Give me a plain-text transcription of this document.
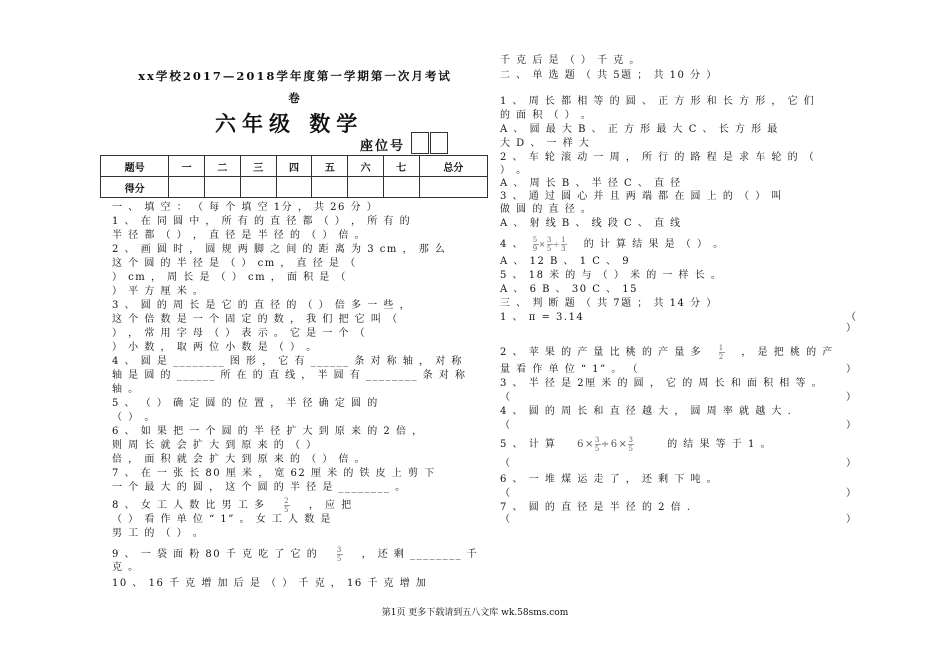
xx学校2017—2018学年度第一学期第一次月考试
卷
六年级 数学
座位号
题号	一	二	三	四	五	六	七	总分
得分								
一 、 填 空 ： （ 每 个 填 空 1分 ， 共 26 分 ）
1 、 在 同 圆 中 ， 所 有 的 直 径 都 （ ） ， 所 有 的
半 径 都 （ ） ， 直 径 是 半 径 的 （ ） 倍 。
2 、 画 圆 时 ， 圆 规 两 脚 之 间 的 距 离 为 3 cm ， 那 么
这 个 圆 的 半 径 是 （ ） cm ， 直 径 是 （
） cm ， 周 长 是 （ ） cm ， 面 积 是 （
） 平 方 厘 米 。
3 、 圆 的 周 长 是 它 的 直 径 的 （ ） 倍 多 一 些 ，
这 个 倍 数 是 一 个 固 定 的 数 ， 我 们 把 它 叫 （
） ， 常 用 字 母 （ ） 表 示 。 它 是 一 个 （
） 小 数 ， 取 两 位 小 数 是 （ ） 。
4 、 圆 是 ________ 图 形 ， 它 有 ______ 条 对 称 轴 ， 对 称
轴 是 圆 的 ______ 所 在 的 直 线 ， 半 圆 有 ________ 条 对 称
轴 。
5 、 （ ） 确 定 圆 的 位 置 ， 半 径 确 定 圆 的
（ ） 。
6 、 如 果 把 一 个 圆 的 半 径 扩 大 到 原 来 的 2 倍 ，
则 周 长 就 会 扩 大 到 原 来 的 （ ）
倍 ， 面 积 就 会 扩 大 到 原 来 的 （ ） 倍 。
7 、 在 一 张 长 80 厘 米 ， 宽 62 厘 米 的 铁 皮 上 剪 下
一 个 最 大 的 圆 ， 这 个 圆 的 半 径 是 ________ 。
8 、 女 工 人 数 比 男 工 多	$\frac{2}{5}$ ， 应 把
（ ） 看 作 单 位 “ 1” 。 女 工 人 数 是
男 工 的 （ ） 。
9 、 一 袋 面 粉 80 千 克 吃 了 它 的	$\frac{3}{5}$ ， 还 剩 ________ 千
克 。
10 、 16 千 克 增 加 后 是 （ ） 千 克 ， 16 千 克 增 加
千 克 后 是 （ ） 千 克 。
二 、 单 选 题 （ 共 5题 ； 共 10 分 ）
1 、 周 长 都 相 等 的 圆 、 正 方 形 和 长 方 形 ， 它 们
的 面 积 （ ） 。
A 、 圆 最 大 B 、 正 方 形 最 大 C 、 长 方 形 最
大 D 、 一 样 大
2 、 车 轮 滚 动 一 周 ， 所 行 的 路 程 是 求 车 轮 的 （
） 。
A 、 周 长 B 、 半 径 C 、 直 径
3 、 通 过 圆 心 并 且 两 端 都 在 圆 上 的 （ ） 叫
做 圆 的 直 径 。
A 、 射 线 B 、 线 段 C 、 直 线
4 、 $\frac{5}{9} \times \frac{3}{5} \div \frac{1}{3}$ 的 计 算 结 果 是 （ ） 。
A 、 12 B 、 1 C 、 9
5 、 18 米 的 与 （ ） 米 的 一 样 长 。
A 、 6 B 、 30 C 、 15
三 、 判 断 题 （ 共 7题 ； 共 14 分 ）
1 、 π = 3.14	（
）
2 、 苹 果 的 产 量 比 桃 的 产 量 多 $\frac{1}{2}$ ， 是 把 桃 的 产
量 看 作 单 位 “ 1” 。 （	）
3 、 半 径 是 2厘 米 的 圆 ， 它 的 周 长 和 面 积 相 等 。
（	）
4 、 圆 的 周 长 和 直 径 越 大 ， 圆 周 率 就 越 大 .
（	）
5 、 计 算 $6\times \frac{3}{5} \div 6\times \frac{3}{5}$	的 结 果 等 于 1 。
（	）
6 、 一 堆 煤 运 走 了 ， 还 剩 下 吨 。
（	）
7 、 圆 的 直 径 是 半 径 的 2 倍 .
（	）
第1页 更多下载请到五八文库 wk.58sms.com
